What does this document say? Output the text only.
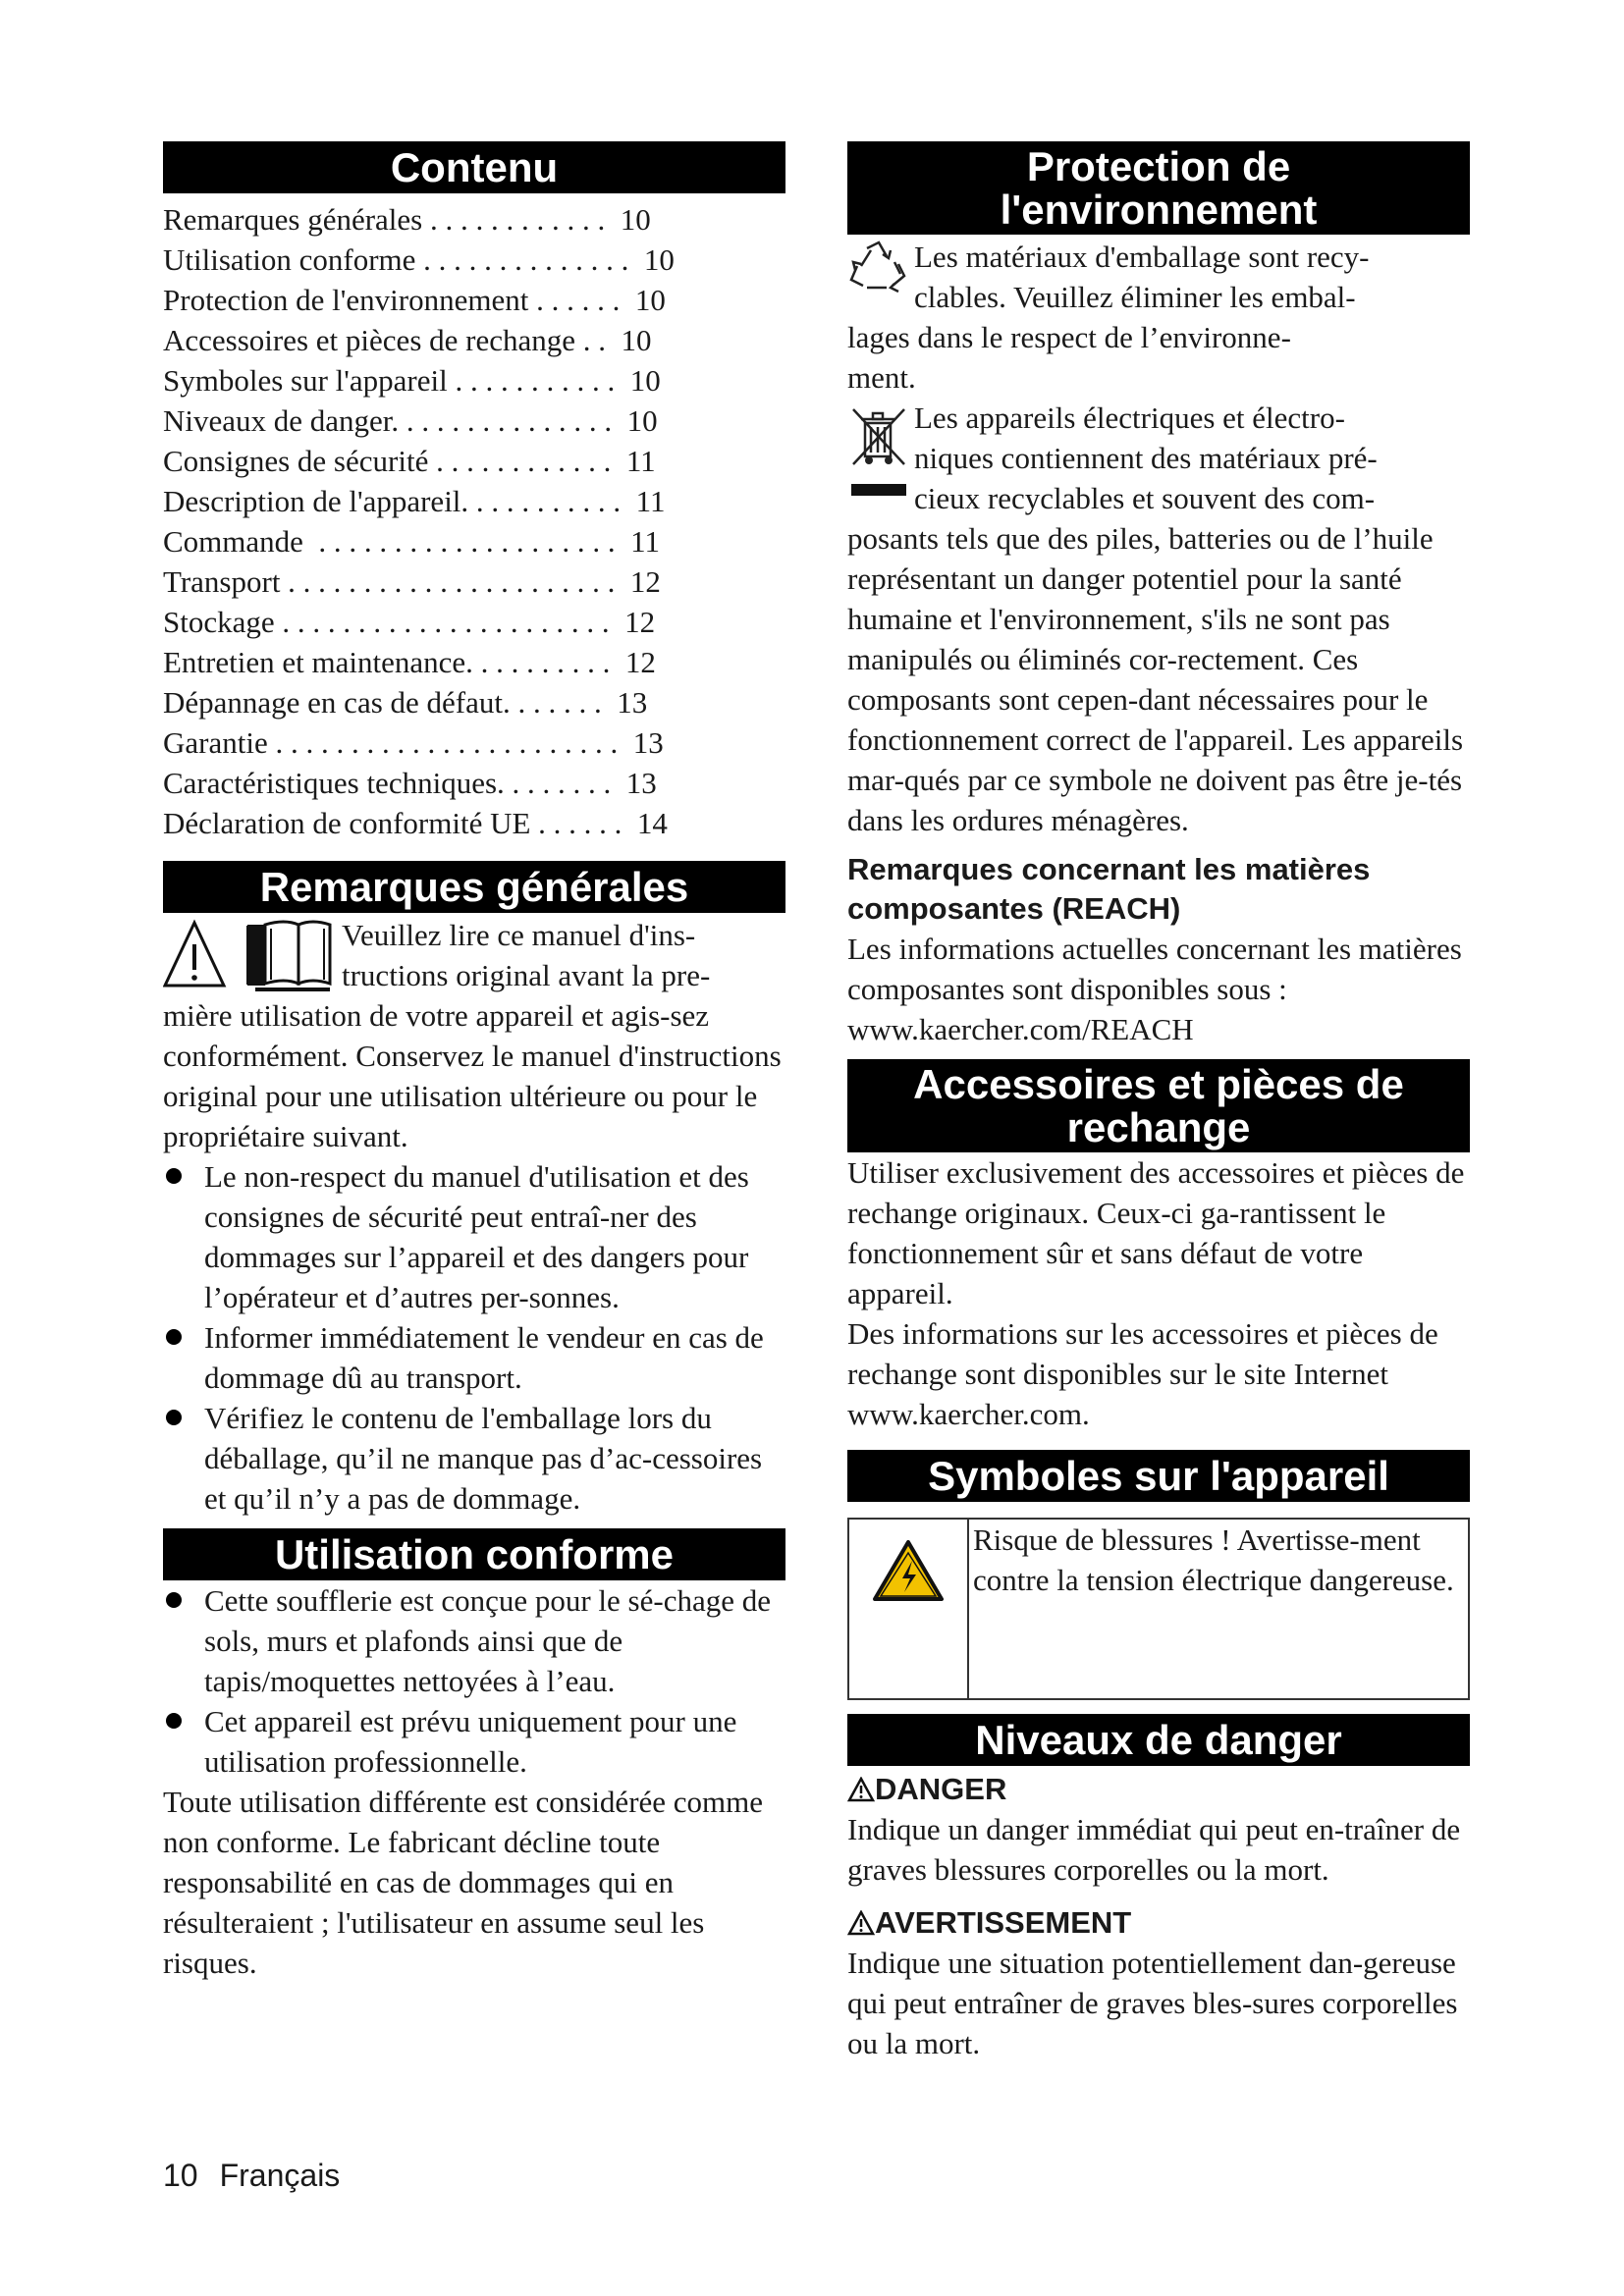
Contenu
Remarques générales . . . . . . . . . . . .  10
Utilisation conforme . . . . . . . . . . . . . .  10
Protection de l'environnement . . . . . .  10
Accessoires et pièces de rechange . .  10
Symboles sur l'appareil . . . . . . . . . . .  10
Niveaux de danger. . . . . . . . . . . . . . .  10
Consignes de sécurité . . . . . . . . . . . .  11
Description de l'appareil. . . . . . . . . . .  11
Commande  . . . . . . . . . . . . . . . . . . . .  11
Transport . . . . . . . . . . . . . . . . . . . . . .  12
Stockage . . . . . . . . . . . . . . . . . . . . . .  12
Entretien et maintenance. . . . . . . . . .  12
Dépannage en cas de défaut. . . . . . .  13
Garantie . . . . . . . . . . . . . . . . . . . . . . .  13
Caractéristiques techniques. . . . . . . .  13
Déclaration de conformité UE . . . . . .  14
Remarques générales
Veuillez lire ce manuel d'ins-
tructions original avant la pre-
mière utilisation de votre appareil et agis-sez conformément. Conservez le manuel d'instructions original pour une utilisation ultérieure ou pour le propriétaire suivant.
Le non-respect du manuel d'utilisation et des consignes de sécurité peut entraî-ner des dommages sur l’appareil et des dangers pour l’opérateur et d’autres per-sonnes.
Informer immédiatement le vendeur en cas de dommage dû au transport.
Vérifiez le contenu de l'emballage lors du déballage, qu’il ne manque pas d’ac-cessoires et qu’il n’y a pas de dommage.
Utilisation conforme
Cette soufflerie est conçue pour le sé-chage de sols, murs et plafonds ainsi que de tapis/moquettes nettoyées à l’eau.
Cet appareil est prévu uniquement pour une utilisation professionnelle.
Toute utilisation différente est considérée comme non conforme. Le fabricant décline toute responsabilité en cas de dommages qui en résulteraient ; l'utilisateur en assume seul les risques.
Protection de
l'environnement
Les matériaux d'emballage sont recy-
clables. Veuillez éliminer les embal-
lages dans le respect de l’environne-
ment.
Les appareils électriques et électro-
niques contiennent des matériaux pré-
cieux recyclables et souvent des com-
posants tels que des piles, batteries ou de l’huile représentant un danger potentiel pour la santé humaine et l'environnement, s'ils ne sont pas manipulés ou éliminés cor-rectement. Ces composants sont cepen-dant nécessaires pour le fonctionnement correct de l'appareil. Les appareils mar-qués par ce symbole ne doivent pas être je-tés dans les ordures ménagères.
Remarques concernant les matières composantes (REACH)
Les informations actuelles concernant les matières composantes sont disponibles sous : www.kaercher.com/REACH
Accessoires et pièces de
rechange
Utiliser exclusivement des accessoires et pièces de rechange originaux. Ceux-ci ga-rantissent le fonctionnement sûr et sans défaut de votre appareil.
Des informations sur les accessoires et pièces de rechange sont disponibles sur le site Internet www.kaercher.com.
Symboles sur l'appareil
Risque de blessures ! Avertisse-ment contre la tension électrique dangereuse.
Niveaux de danger
DANGER
Indique un danger immédiat qui peut en-traîner de graves blessures corporelles ou la mort.
AVERTISSEMENT
Indique une situation potentiellement dan-gereuse qui peut entraîner de graves bles-sures corporelles ou la mort.
10 Français
